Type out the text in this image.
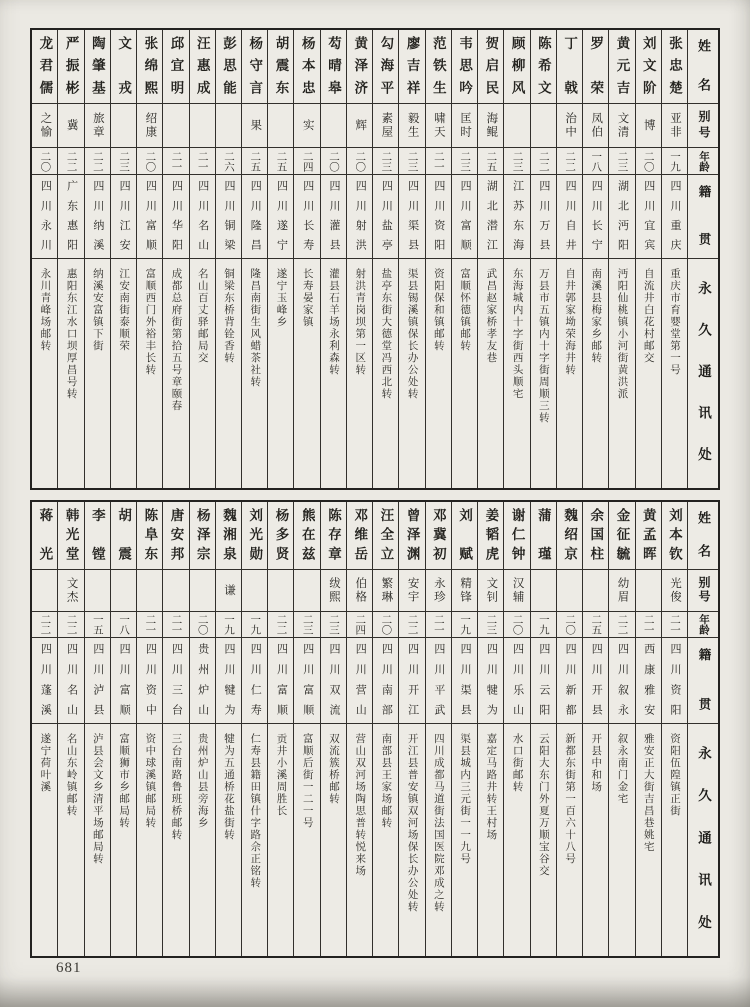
姓名
别号
年龄
籍贯
永久通讯处
张忠楚
亚非
一九
四川重庆
重庆市育婴堂第一号
刘文阶
博
二〇
四川宜宾
自流井白花村邮交
黄元吉
文清
二三
湖北沔阳
沔阳仙桃镇小河街黄洪派
罗荣
凤伯
一八
四川长宁
南溪县梅家乡邮转
丁戟
治中
二二
四川自井
自井郭家坳荣海井转
陈希文
二二
四川万县
万县市五镇内十字街周顺三转
顾柳风
二三
江苏东海
东海城内十字街西头顺宅
贺启民
海鲲
二五
湖北潜江
武昌赵家桥孝友巷
韦思吟
匡时
二三
四川富顺
富顺怀德镇邮转
范铁生
啸天
二一
四川资阳
资阳保和镇邮转
廖吉祥
毅生
二三
四川渠县
渠县锡溪镇保长办公处转
勾海平
素屋
二三
四川盐亭
盐亭东街大德堂冯西北转
黄泽济
辉
二〇
四川射洪
射洪青岗坝第一区转
芶晴皋
二〇
四川灌县
灌县石羊场永利森转
杨本忠
实
二四
四川长寿
长寿晏家镇
胡震东
二五
四川遂宁
遂宁玉峰乡
杨守言
果
二五
四川隆昌
隆昌南街生风蜡茶社转
彭思能
二六
四川铜梁
铜梁东桥背铨香转
汪惠成
二一
四川名山
名山百丈驿邮局交
邱宜明
二一
四川华阳
成都总府街第拾五号章颐春
张绵熙
绍康
二〇
四川富顺
富顺西门外裕丰长转
文戎
二三
四川江安
江安南街泰顺荣
陶肇基
旅章
二二
四川纳溪
纳溪安富镇下街
严振彬
冀
二二
广东惠阳
惠阳东江水口坝厚昌号转
龙君儒
之愉
二〇
四川永川
永川青峰场邮转
姓名
别号
年龄
籍贯
永久通讯处
刘本钦
光俊
二一
四川资阳
资阳伍隍镇正街
黄孟晖
二一
西康雅安
雅安正大街吉昌巷姚宅
金征毓
幼眉
二二
四川叙永
叙永南门金宅
余国柱
二五
四川开县
开县中和场
魏绍京
二〇
四川新都
新都东街第一百六十八号
蒲瑾
一九
四川云阳
云阳大东门外夏万顺宝谷交
谢仁钟
汉辅
二〇
四川乐山
水口街邮转
姜韬虎
文钊
二三
四川犍为
嘉定马路井转王村场
刘赋
精锋
一九
四川渠县
渠县城内三元街一一九号
邓冀初
永珍
二一
四川平武
四川成都马道街法国医院邓成之转
曾泽渊
安宇
二二
四川开江
开江县普安镇双河场保长办公处转
汪全立
繁琳
二〇
四川南部
南部县王家场邮转
邓维岳
伯格
二四
四川营山
营山双河场陶思普转悦来场
陈存章
绂熙
二三
四川双流
双流簇桥邮转
熊在兹
二三
四川富顺
富顺后街一二一号
杨多贤
二二
四川富顺
贡井小溪周胜长
刘光勋
一九
四川仁寿
仁寿县籍田镇什字路佘正铭转
魏湘泉
谦
一九
四川犍为
犍为五通桥花盐街转
杨泽宗
二〇
贵州炉山
贵州炉山县旁海乡
唐安邦
二一
四川三台
三台南路鲁班桥邮转
陈阜东
二一
四川资中
资中球溪镇邮局转
胡震
一八
四川富顺
富顺狮市乡邮局转
李镗
一五
四川泸县
泸县会文乡清平场邮局转
韩光堂
文杰
二二
四川名山
名山东岭镇邮转
蒋光
二二
四川蓬溪
遂宁荷叶溪
681
